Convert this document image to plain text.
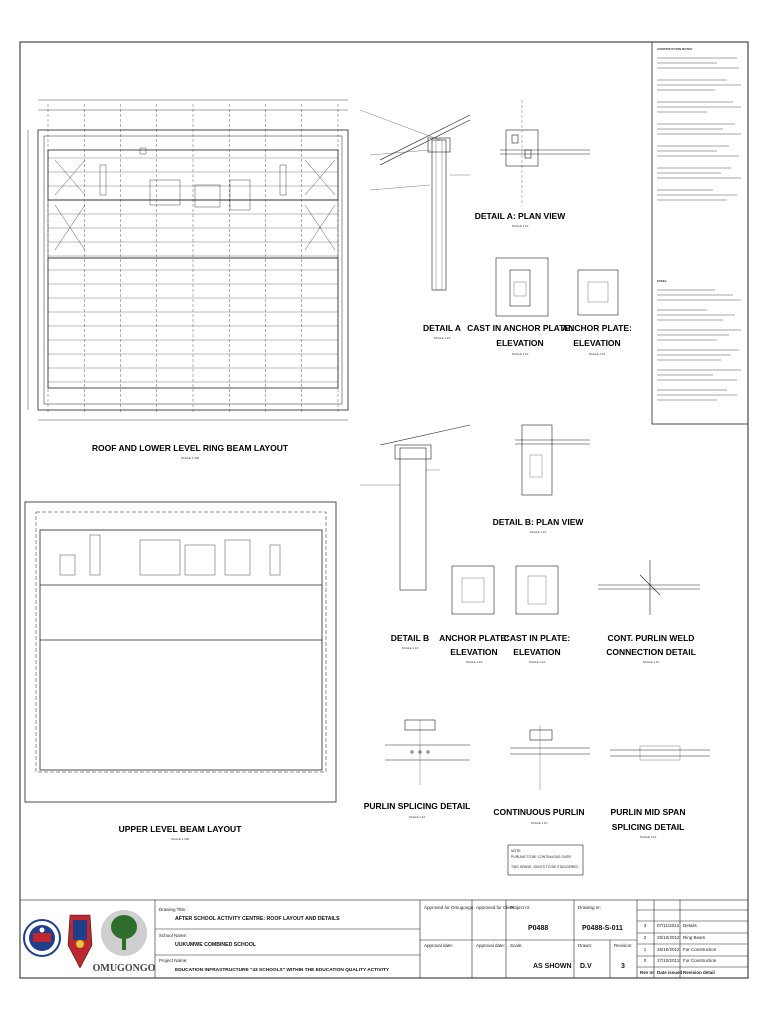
ROOF AND LOWER LEVEL RING BEAM LAYOUT
SCALE 1:100
UPPER LEVEL BEAM LAYOUT
SCALE 1:100
DETAIL A: PLAN VIEW
SCALE 1:10
DETAIL A
SCALE 1:10
CAST IN ANCHOR PLATE:
ELEVATION
SCALE 1:10
ANCHOR PLATE:
ELEVATION
SCALE 1:10
DETAIL B: PLAN VIEW
SCALE 1:10
DETAIL B
SCALE 1:10
ANCHOR PLATE:
ELEVATION
SCALE 1:10
CAST IN PLATE:
ELEVATION
SCALE 1:10
CONT. PURLIN WELD
CONNECTION DETAIL
SCALE 1:10
PURLIN SPLICING DETAIL
SCALE 1:10	CONTINUOUS PURLIN
SCALE 1:10
PURLIN MID SPAN
SPLICING DETAIL
SCALE 1:10
NOTE:
PURLINS TO BE CONTINUOUS OVER
TWO SPANS, JOINTS TO BE STAGGERED
CONSTRUCTION NOTES
STEEL
OMUGONGO
Drawing Title:
AFTER SCHOOL ACTIVITY CENTRE: ROOF LAYOUT AND DETAILS
School Name:
UUKUMWE COMBINED SCHOOL
Project Name:
EDUCATION INFRASTRUCTURE "43 SCHOOLS" WITHIN THE EDUCATION QUALITY ACTIVITY
Approved for Omugongo: Approved for Client:
Approval date:	Approval date:
Project nr:
P0488
Drawing nr:
P0488-S-011
Scale:
AS SHOWN
Drawn:
D.V
Revision:
3
3 07/11/2012 Details
2 29/10/2012 Ring Beam
1 26/10/2012 For Construction
0 17/10/2012 For Construction
Rev nr Date issued Revision detail
